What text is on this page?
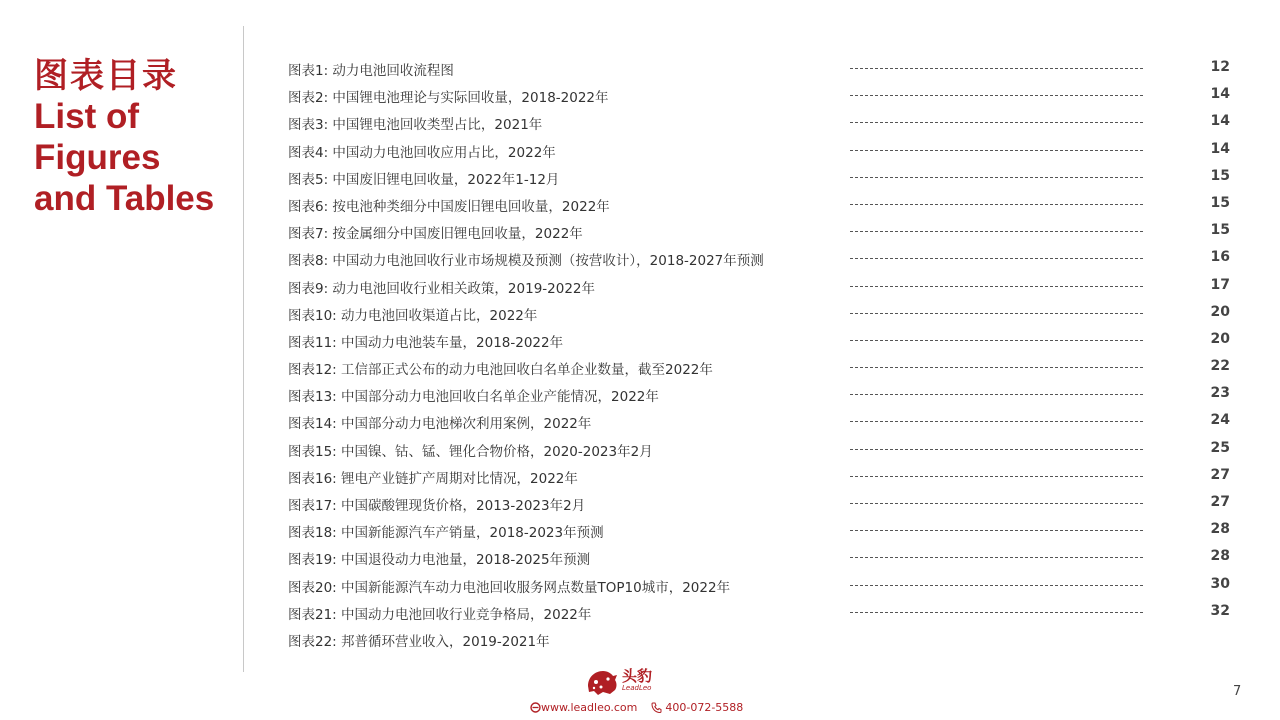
图表目录
List of
Figures
and Tables
图表1: 动力电池回收流程图	12
图表2: 中国锂电池理论与实际回收量，2018-2022年	14
图表3: 中国锂电池回收类型占比，2021年	14
图表4: 中国动力电池回收应用占比，2022年	14
图表5: 中国废旧锂电回收量，2022年1-12月	15
图表6: 按电池种类细分中国废旧锂电回收量，2022年	15
图表7: 按金属细分中国废旧锂电回收量，2022年	15
图表8: 中国动力电池回收行业市场规模及预测（按营收计），2018-2027年预测	16
图表9: 动力电池回收行业相关政策，2019-2022年	17
图表10: 动力电池回收渠道占比，2022年	20
图表11: 中国动力电池装车量，2018-2022年	20
图表12: 工信部正式公布的动力电池回收白名单企业数量，截至2022年	22
图表13: 中国部分动力电池回收白名单企业产能情况，2022年	23
图表14: 中国部分动力电池梯次利用案例，2022年	24
图表15: 中国镍、钴、锰、锂化合物价格，2020-2023年2月	25
图表16: 锂电产业链扩产周期对比情况，2022年	27
图表17: 中国碳酸锂现货价格，2013-2023年2月	27
图表18: 中国新能源汽车产销量，2018-2023年预测	28
图表19: 中国退役动力电池量，2018-2025年预测	28
图表20: 中国新能源汽车动力电池回收服务网点数量TOP10城市，2022年	30
图表21: 中国动力电池回收行业竞争格局，2022年	32
图表22: 邦普循环营业收入，2019-2021年
头豹
LeadLeo
www.leadleo.com	400-072-5588
7
